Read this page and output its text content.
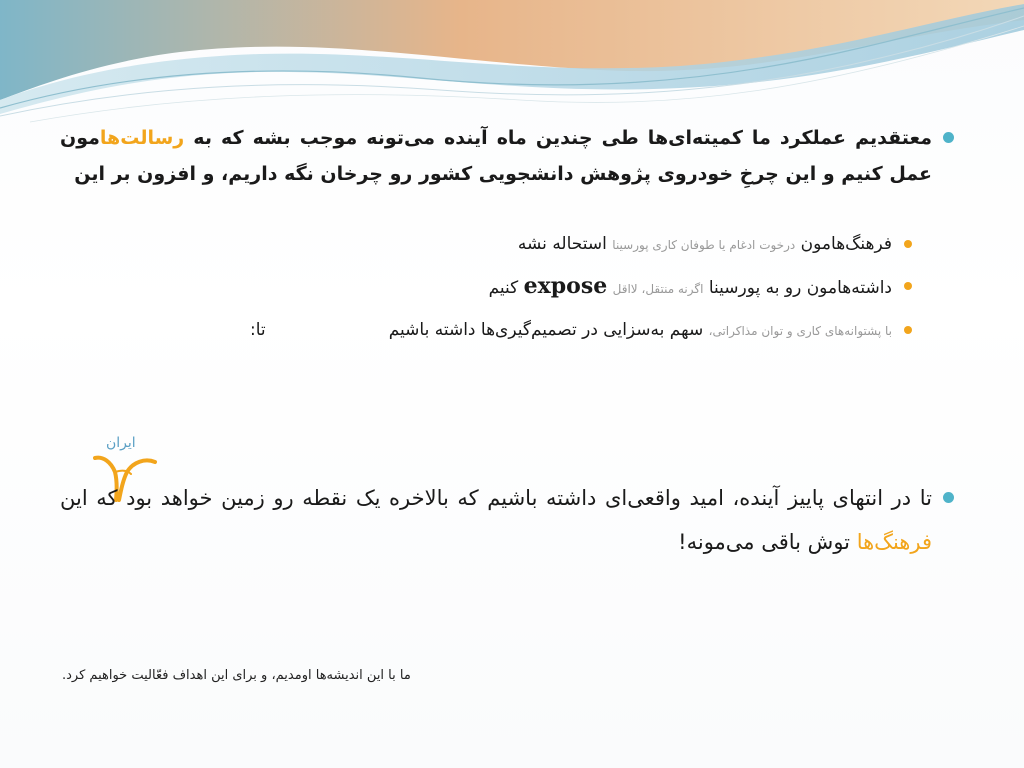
معتقدیم عملکرد ما کمیته‌ای‌ها طی چندین ماه آینده می‌تونه موجب بشه که به رسالت‌هامون عمل کنیم و این چرخِ خودروی پژوهش دانشجویی کشور رو چرخان نگه داریم، و افزون بر این
فرهنگ‌هامون درخوت ادغام یا طوفان کاری پورسینا استحاله نشه
داشته‌هامون رو به پورسینا اگرنه منتقل، لااقل expose کنیم
با پشتوانه‌های کاری و توان مذاکراتی، سهم به‌سزایی در تصمیم‌گیری‌ها داشته باشیم
تا:
ایران
تا در انتهای پاییز آینده، امید واقعی‌ای داشته باشیم که بالاخره یک نقطه رو زمین خواهد بود که این فرهنگ‌ها توش باقی می‌مونه!
ما با این اندیشه‌ها اومدیم، و برای این اهداف فعّالیت خواهیم کرد.
